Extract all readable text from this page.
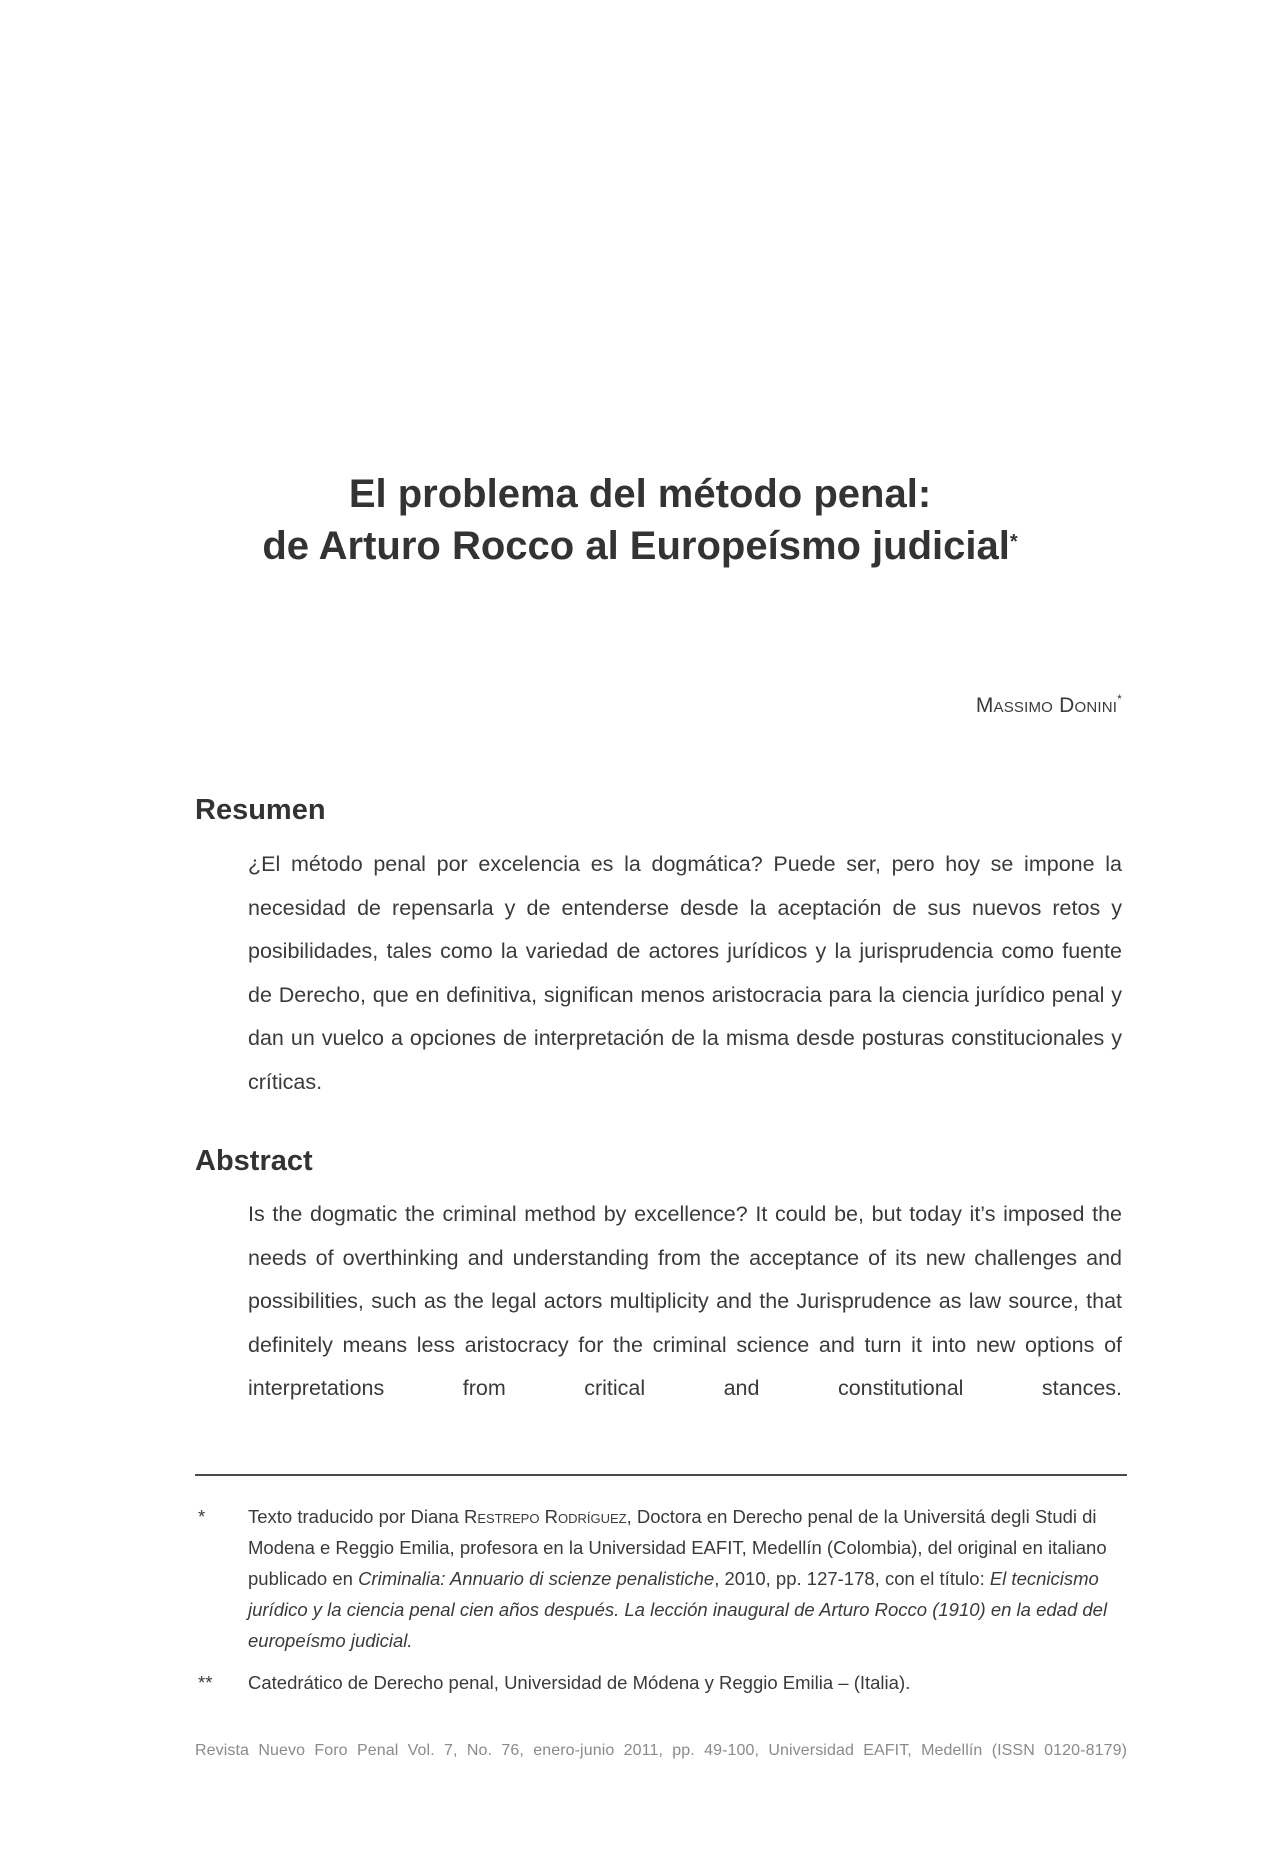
El problema del método penal:
de Arturo Rocco al Europeísmo judicial*
Massimo Donini*
Resumen

¿El método penal por excelencia es la dogmática? Puede ser, pero hoy se impone la necesidad de repensarla y de entenderse desde la aceptación de sus nuevos retos y posibilidades, tales como la variedad de actores jurídicos y la jurisprudencia como fuente de Derecho, que en definitiva, significan menos aristocracia para la ciencia jurídico penal y dan un vuelco a opciones de interpretación de la misma desde posturas constitucionales y críticas.

Abstract

Is the dogmatic the criminal method by excellence? It could be, but today it’s imposed the needs of overthinking and understanding from the acceptance of its new challenges and possibilities, such as the legal actors multiplicity and the Jurisprudence as law source, that definitely means less aristocracy for the criminal science and turn it into new options of interpretations from critical and constitutional stances.

* Texto traducido por Diana Restrepo Rodríguez, Doctora en Derecho penal de la Universitá degli Studi di Modena e Reggio Emilia, profesora en la Universidad EAFIT, Medellín (Colombia), del original en italiano publicado en Criminalia: Annuario di scienze penalistiche, 2010, pp. 127-178, con el título: El tecnicismo jurídico y la ciencia penal cien años después. La lección inaugural de Arturo Rocco (1910) en la edad del europeísmo judicial.
** Catedrático de Derecho penal, Universidad de Módena y Reggio Emilia – (Italia).
Revista Nuevo Foro Penal Vol. 7, No. 76, enero-junio 2011, pp. 49-100, Universidad EAFIT, Medellín (ISSN 0120-8179)
